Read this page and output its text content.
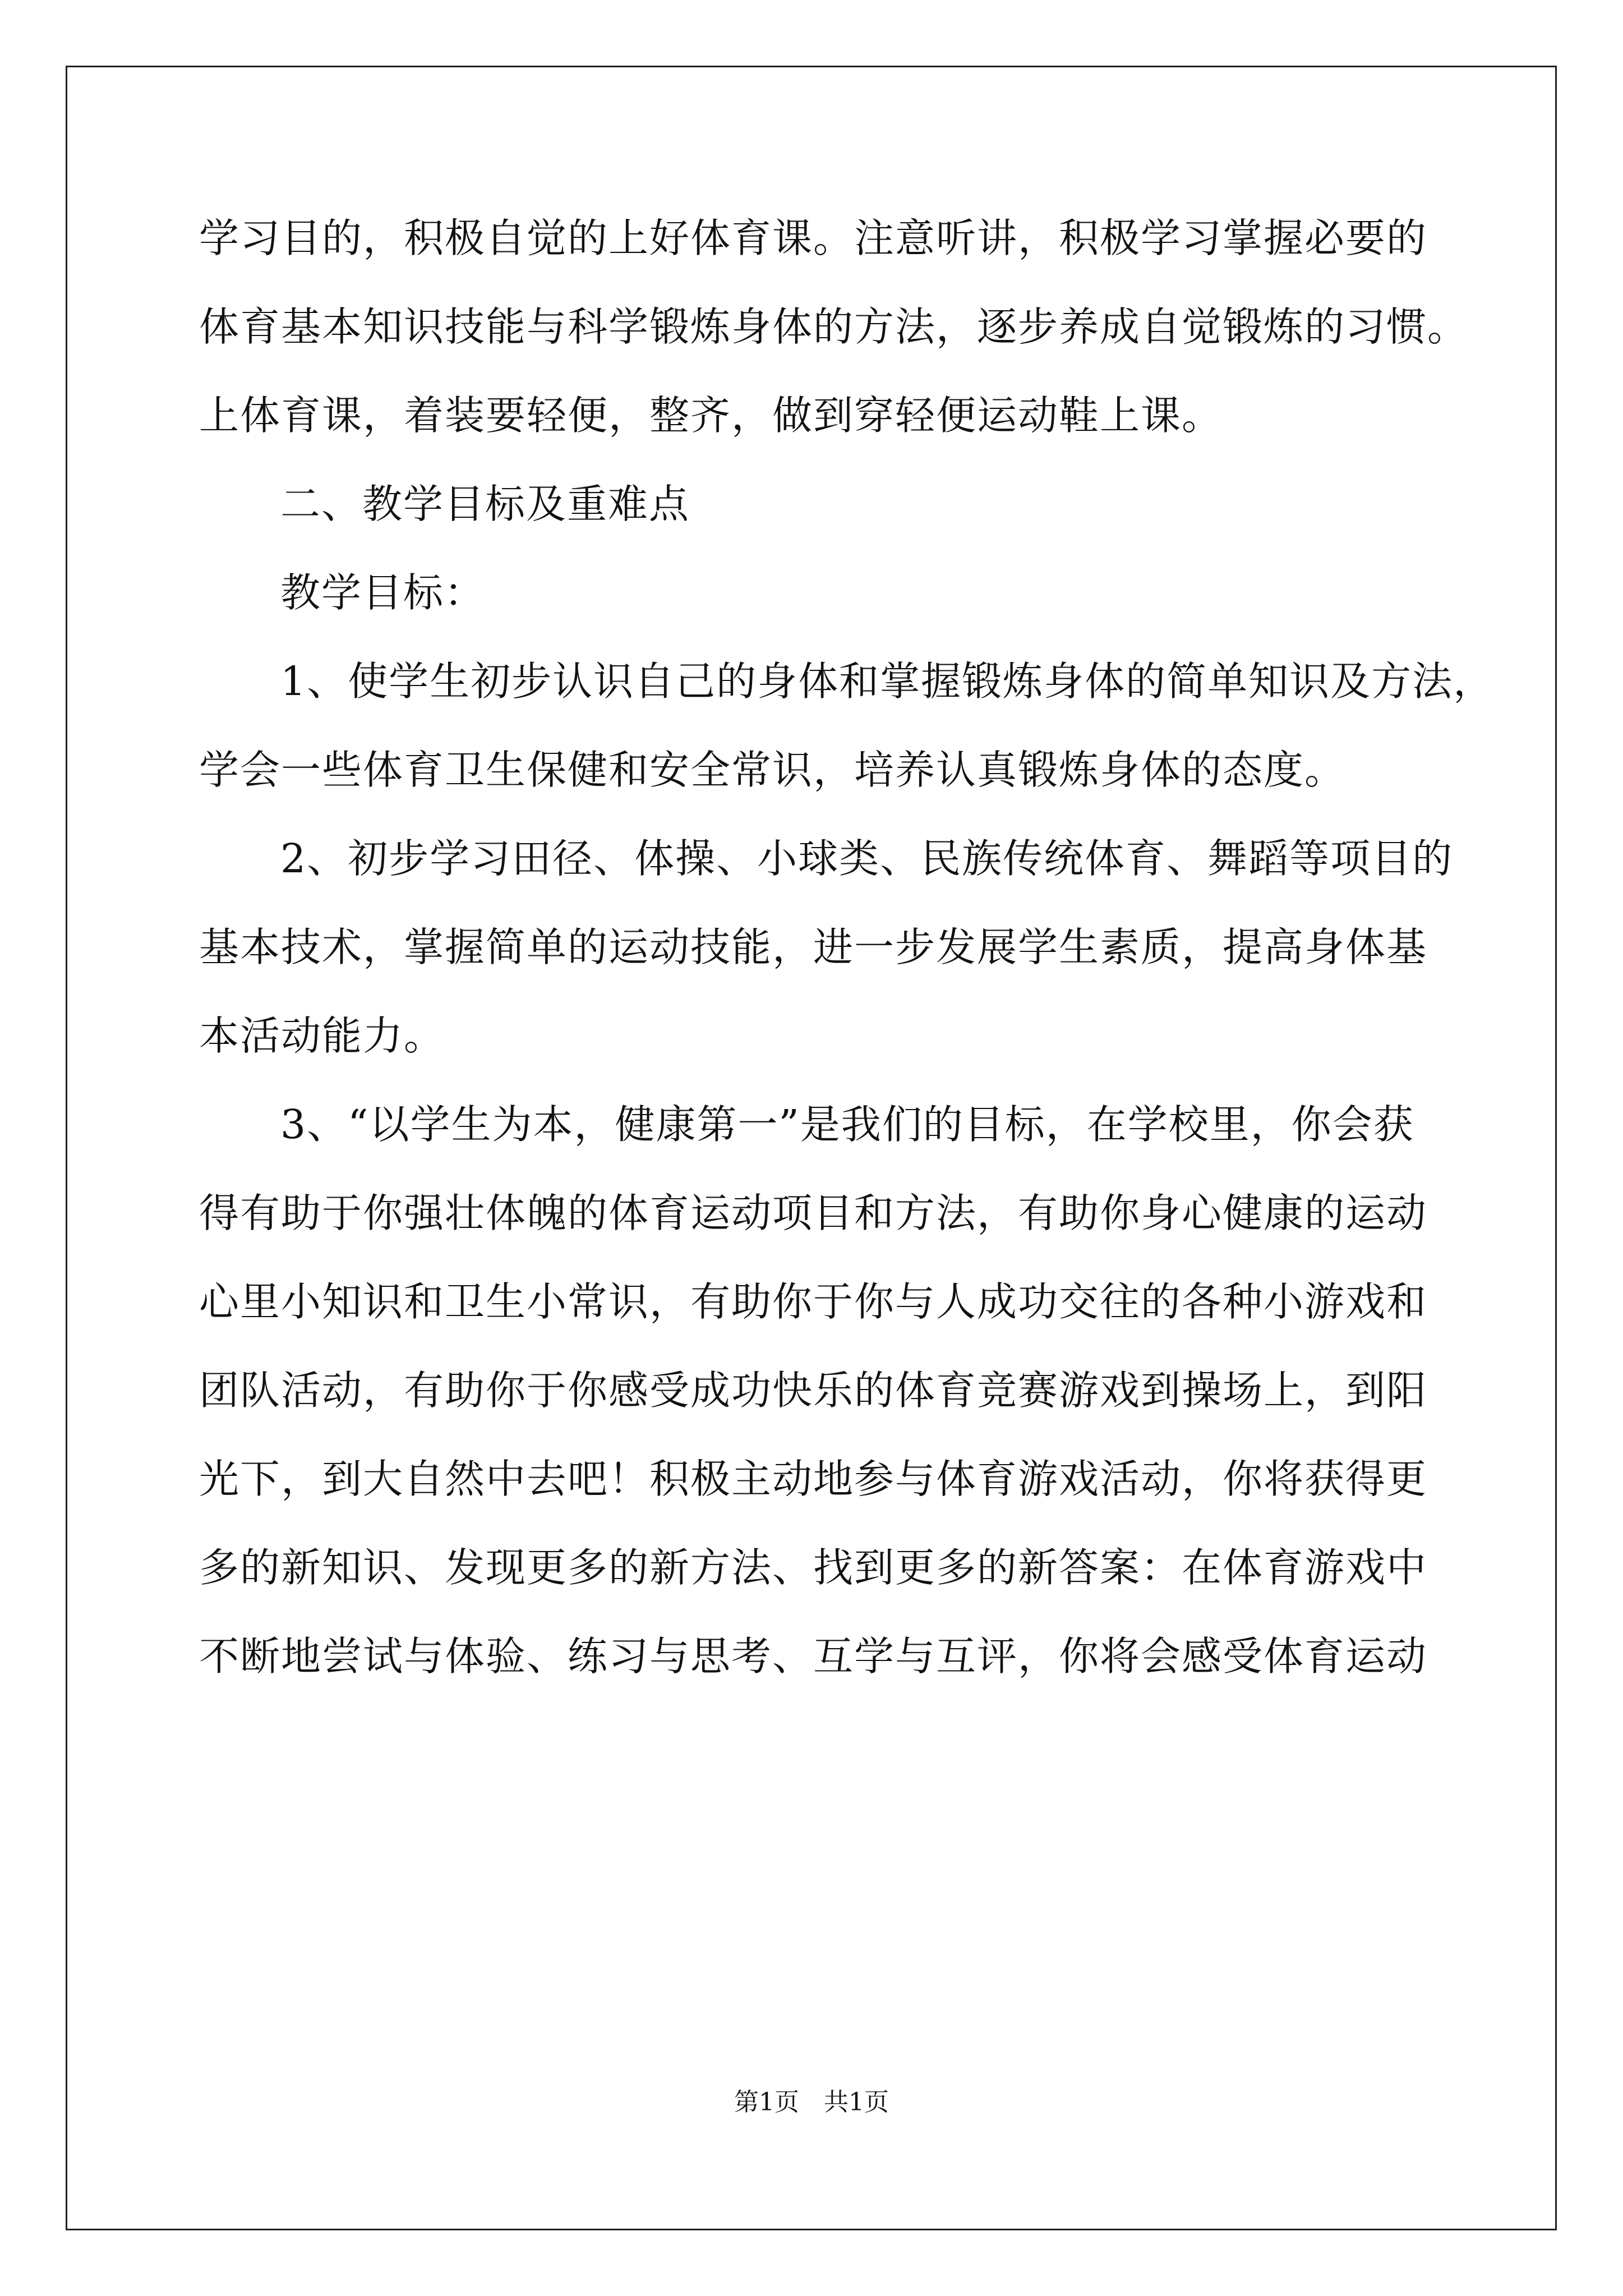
学习目的，积极自觉的上好体育课。注意听讲，积极学习掌握必要的
体育基本知识技能与科学锻炼身体的方法，逐步养成自觉锻炼的习惯。
上体育课，着装要轻便，整齐，做到穿轻便运动鞋上课。
二、教学目标及重难点
教学目标：
1、使学生初步认识自己的身体和掌握锻炼身体的简单知识及方法，
学会一些体育卫生保健和安全常识，培养认真锻炼身体的态度。
2、初步学习田径、体操、小球类、民族传统体育、舞蹈等项目的
基本技术，掌握简单的运动技能，进一步发展学生素质，提高身体基
本活动能力。
3、“以学生为本，健康第一”是我们的目标，在学校里，你会获
得有助于你强壮体魄的体育运动项目和方法，有助你身心健康的运动
心里小知识和卫生小常识，有助你于你与人成功交往的各种小游戏和
团队活动，有助你于你感受成功快乐的体育竞赛游戏到操场上，到阳
光下，到大自然中去吧！积极主动地参与体育游戏活动，你将获得更
多的新知识、发现更多的新方法、找到更多的新答案：在体育游戏中
不断地尝试与体验、练习与思考、互学与互评，你将会感受体育运动
第1页　共1页
